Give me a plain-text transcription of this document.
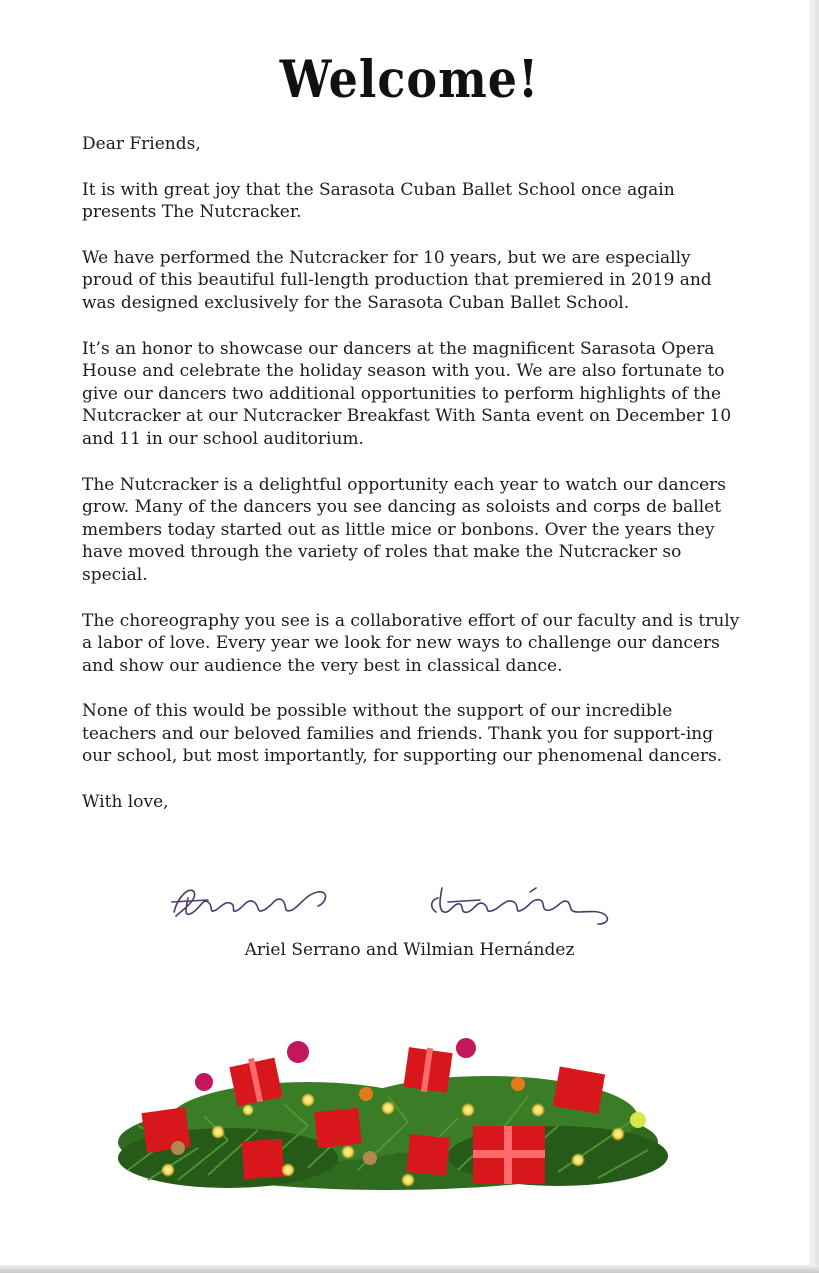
Welcome!

Dear Friends,

It is with great joy that the Sarasota Cuban Ballet School once again presents The Nutcracker.

We have performed the Nutcracker for 10 years, but we are especially proud of this beautiful full-length production that premiered in 2019 and was designed exclusively for the Sarasota Cuban Ballet School.

It’s an honor to showcase our dancers at the magnificent Sarasota Opera House and celebrate the holiday season with you. We are also fortunate to give our dancers two additional opportunities to perform highlights of the Nutcracker at our Nutcracker Breakfast With Santa event on December 10 and 11 in our school auditorium.

The Nutcracker is a delightful opportunity each year to watch our dancers grow. Many of the dancers you see dancing as soloists and corps de ballet members today started out as little mice or bonbons. Over the years they have moved through the variety of roles that make the Nutcracker so special.

The choreography you see is a collaborative effort of our faculty and is truly a labor of love. Every year we look for new ways to challenge our dancers and show our audience the very best in classical dance.

None of this would be possible without the support of our incredible teachers and our beloved families and friends. Thank you for support-ing our school, but most importantly, for supporting our phenomenal dancers.

With love,

Ariel Serrano and Wilmian Hernández
